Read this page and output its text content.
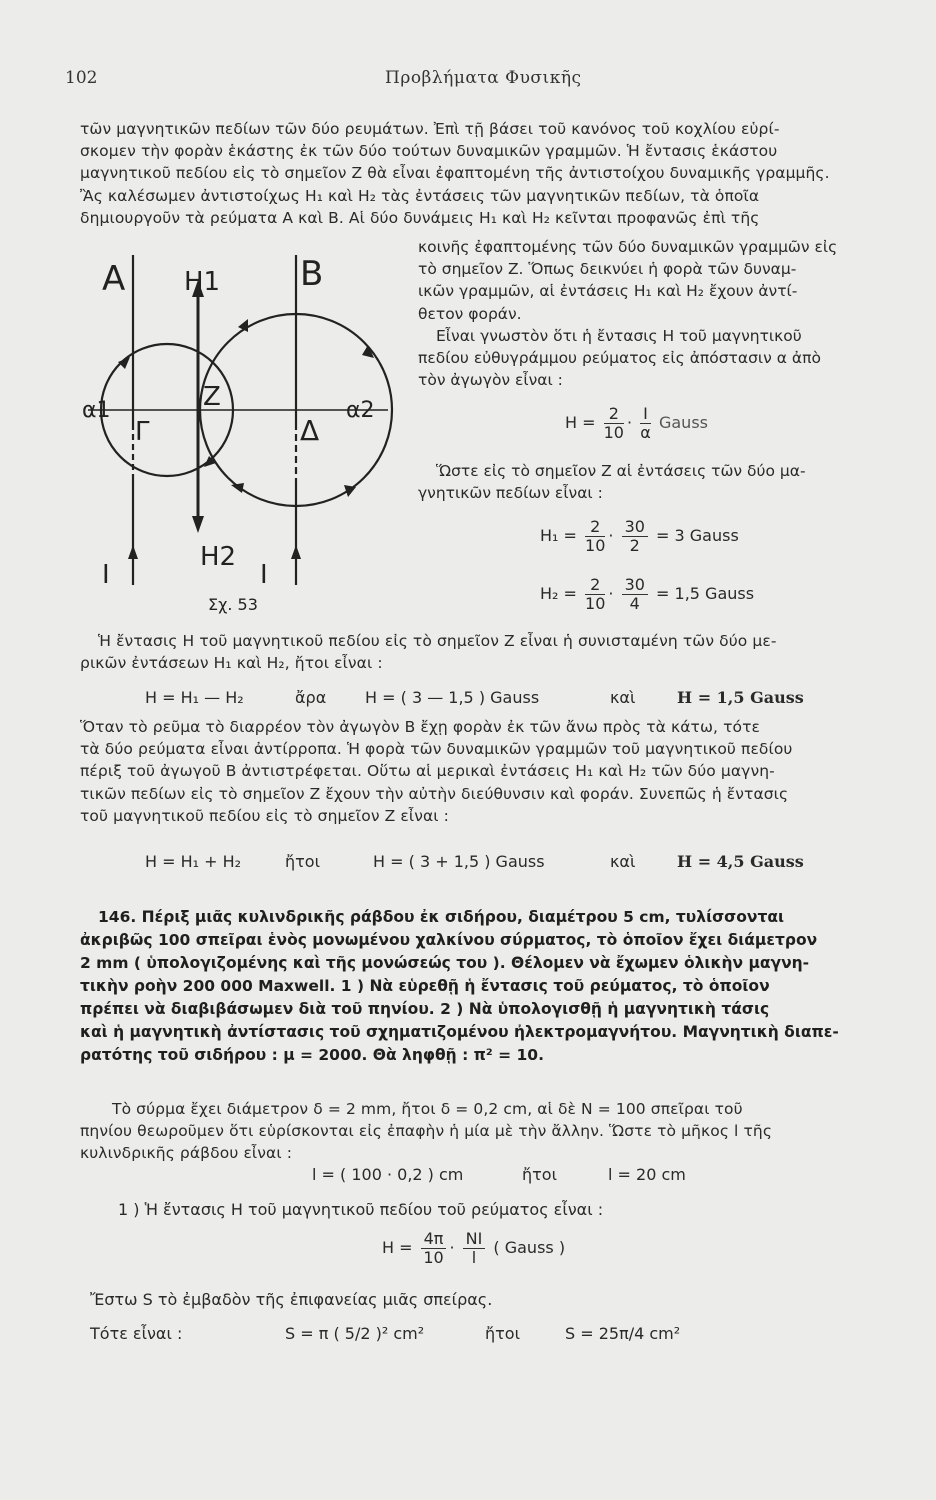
102	Προβλήματα Φυσικῆς

τῶν μαγνητικῶν πεδίων τῶν δύο ρευμάτων. Ἐπὶ τῇ βάσει τοῦ κανόνος τοῦ κοχλίου εὑρί-

σκομεν τὴν φορὰν ἑκάστης ἐκ τῶν δύο τούτων δυναμικῶν γραμμῶν. Ἡ ἔντασις ἑκάστου

μαγνητικοῦ πεδίου εἰς τὸ σημεῖον Ζ θὰ εἶναι ἐφαπτομένη τῆς ἀντιστοίχου δυναμικῆς γραμμῆς.

Ἂς καλέσωμεν ἀντιστοίχως H₁ καὶ H₂ τὰς ἐντάσεις τῶν μαγνητικῶν πεδίων, τὰ ὁποῖα

δημιουργοῦν τὰ ρεύματα Α καὶ Β. Αἱ δύο δυνάμεις H₁ καὶ H₂ κεῖνται προφανῶς ἐπὶ τῆς

κοινῆς ἐφαπτομένης τῶν δύο δυναμικῶν γραμμῶν εἰς

τὸ σημεῖον Ζ. Ὅπως δεικνύει ἡ φορὰ τῶν δυναμ-

ικῶν γραμμῶν, αἱ ἐντάσεις H₁ καὶ H₂ ἔχουν ἀντί-

θετον φοράν.

Εἶναι γνωστὸν ὅτι ἡ ἔντασις Η τοῦ μαγνητικοῦ

πεδίου εὐθυγράμμου ρεύματος εἰς ἀπόστασιν α ἀπὸ

τὸν ἀγωγὸν εἶναι :

$H = \frac{2}{10} \cdot \frac{I}{\alpha}$ Gauss

Ὥστε εἰς τὸ σημεῖον Ζ αἱ ἐντάσεις τῶν δύο μα-

γνητικῶν πεδίων εἶναι :

$H_1 = \frac{2}{10} \cdot \frac{30}{2} = 3$ Gauss
$H_2 = \frac{2}{10} \cdot \frac{30}{4} = 1,5$ Gauss
A	B
H1
H2
Z
Γ	Δ
α1	α2
I	I
Σχ. 53

Ἡ ἔντασις Η τοῦ μαγνητικοῦ πεδίου εἰς τὸ σημεῖον Ζ εἶναι ἡ συνισταμένη τῶν δύο με-

ρικῶν ἐντάσεων H₁ καὶ H₂, ἤτοι εἶναι :

H = H₁ — H₂	ἄρα H = ( 3 — 1,5 ) Gauss	καὶ	H = 1,5 Gauss

Ὅταν τὸ ρεῦμα τὸ διαρρέον τὸν ἀγωγὸν Β ἔχῃ φορὰν ἐκ τῶν ἄνω πρὸς τὰ κάτω, τότε

τὰ δύο ρεύματα εἶναι ἀντίρροπα. Ἡ φορὰ τῶν δυναμικῶν γραμμῶν τοῦ μαγνητικοῦ πεδίου

πέριξ τοῦ ἀγωγοῦ Β ἀντιστρέφεται. Οὕτω αἱ μερικαὶ ἐντάσεις H₁ καὶ H₂ τῶν δύο μαγνη-

τικῶν πεδίων εἰς τὸ σημεῖον Ζ ἔχουν τὴν αὐτὴν διεύθυνσιν καὶ φοράν. Συνεπῶς ἡ ἔντασις

τοῦ μαγνητικοῦ πεδίου εἰς τὸ σημεῖον Ζ εἶναι :

H = H₁ + H₂	ἤτοι	H = ( 3 + 1,5 ) Gauss	καὶ	H = 4,5 Gauss

146. Πέριξ μιᾶς κυλινδρικῆς ράβδου ἐκ σιδήρου, διαμέτρου 5 cm, τυλίσσονται

ἀκριβῶς 100 σπεῖραι ἑνὸς μονωμένου χαλκίνου σύρματος, τὸ ὁποῖον ἔχει διάμετρον

2 mm ( ὑπολογιζομένης καὶ τῆς μονώσεώς του ). Θέλομεν νὰ ἔχωμεν ὁλικὴν μαγνη-

τικὴν ροὴν 200 000 Maxwell. 1 ) Νὰ εὑρεθῇ ἡ ἔντασις τοῦ ρεύματος, τὸ ὁποῖον

πρέπει νὰ διαβιβάσωμεν διὰ τοῦ πηνίου. 2 ) Νὰ ὑπολογισθῇ ἡ μαγνητικὴ τάσις

καὶ ἡ μαγνητικὴ ἀντίστασις τοῦ σχηματιζομένου ἠλεκτρομαγνήτου. Μαγνητικὴ διαπε-

ρατότης τοῦ σιδήρου : μ = 2000. Θὰ ληφθῇ : π² = 10.

Τὸ σύρμα ἔχει διάμετρον δ = 2 mm, ἤτοι δ = 0,2 cm, αἱ δὲ N = 100 σπεῖραι τοῦ

πηνίου θεωροῦμεν ὅτι εὑρίσκονται εἰς ἐπαφὴν ἡ μία μὲ τὴν ἄλλην. Ὥστε τὸ μῆκος l τῆς

κυλινδρικῆς ράβδου εἶναι :

l = ( 100 · 0,2 ) cm	ἤτοι	l = 20 cm
1 ) Ἡ ἔντασις Η τοῦ μαγνητικοῦ πεδίου τοῦ ρεύματος εἶναι :
$H = \frac{4\pi}{10} \cdot \frac{NI}{l}$ ( Gauss )
Ἔστω S τὸ ἐμβαδὸν τῆς ἐπιφανείας μιᾶς σπείρας.
Τότε εἶναι :	S = π ( 5/2 )² cm²	ἤτοι	S = 25π/4 cm²
